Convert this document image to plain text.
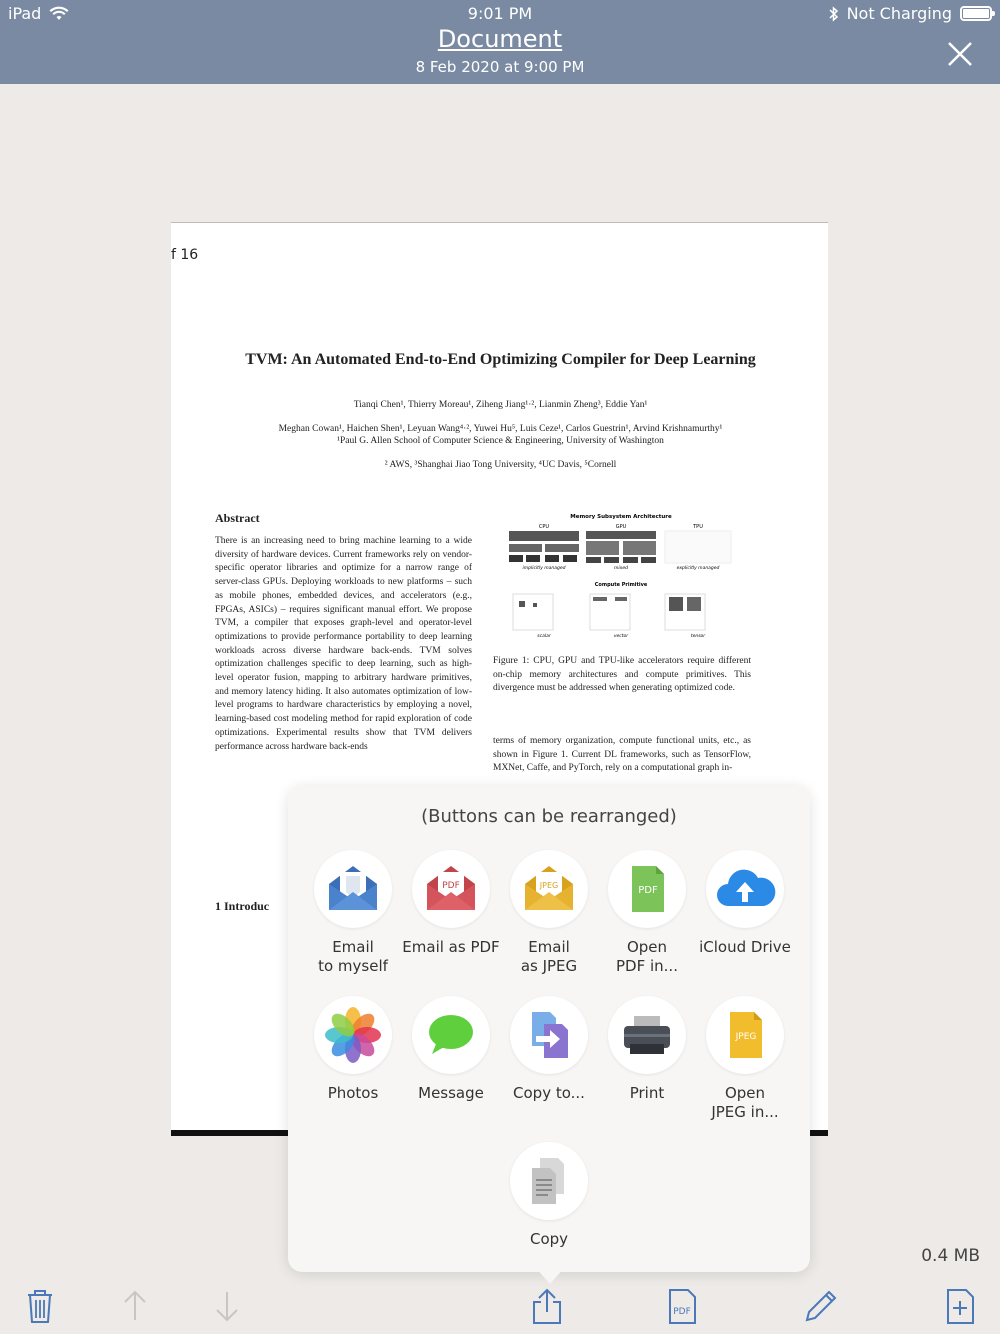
iPad	9:01 PM	Not Charging
Document
8 Feb 2020 at 9:00 PM
f 16
TVM: An Automated End-to-End Optimizing Compiler for Deep Learning
Tianqi Chen¹, Thierry Moreau¹, Ziheng Jiang¹·², Lianmin Zheng³, Eddie Yan¹
Meghan Cowan¹, Haichen Shen¹, Leyuan Wang⁴·², Yuwei Hu⁵, Luis Ceze¹, Carlos Guestrin¹, Arvind Krishnamurthy¹
¹Paul G. Allen School of Computer Science & Engineering, University of Washington
² AWS, ³Shanghai Jiao Tong University, ⁴UC Davis, ⁵Cornell
Abstract
There is an increasing need to bring machine learning to a wide diversity of hardware devices. Current frameworks rely on vendor-specific operator libraries and optimize for a narrow range of server-class GPUs. Deploying workloads to new platforms – such as mobile phones, embedded devices, and accelerators (e.g., FPGAs, ASICs) – requires significant manual effort. We propose TVM, a compiler that exposes graph-level and operator-level optimizations to provide performance portability to deep learning workloads across diverse hardware back-ends. TVM solves optimization challenges specific to deep learning, such as high-level operator fusion, mapping to arbitrary hardware primitives, and memory latency hiding. It also automates optimization of low-level programs to hardware characteristics by employing a novel, learning-based cost modeling method for rapid exploration of code optimizations. Experimental results show that TVM delivers performance across hardware back-ends
Memory Subsystem Architecture
CPU	GPU	TPU
implicitly managed	mixed	explicitly managed
Compute Primitive
scalar	vector	tensor
Figure 1: CPU, GPU and TPU-like accelerators require different on-chip memory architectures and compute primitives. This divergence must be addressed when generating optimized code.
terms of memory organization, compute functional units, etc., as shown in Figure 1. Current DL frameworks, such as TensorFlow, MXNet, Caffe, and PyTorch, rely on a computational graph in-
1 Introduc
(Buttons can be rearranged)
Email
to myself
PDF
Email as PDF
JPEG
Email
as JPEG
PDF
Open
PDF in...
iCloud Drive
Photos	Message	Copy to...	Print
JPEG
Open
JPEG in...
Copy
0.4 MB
PDF
